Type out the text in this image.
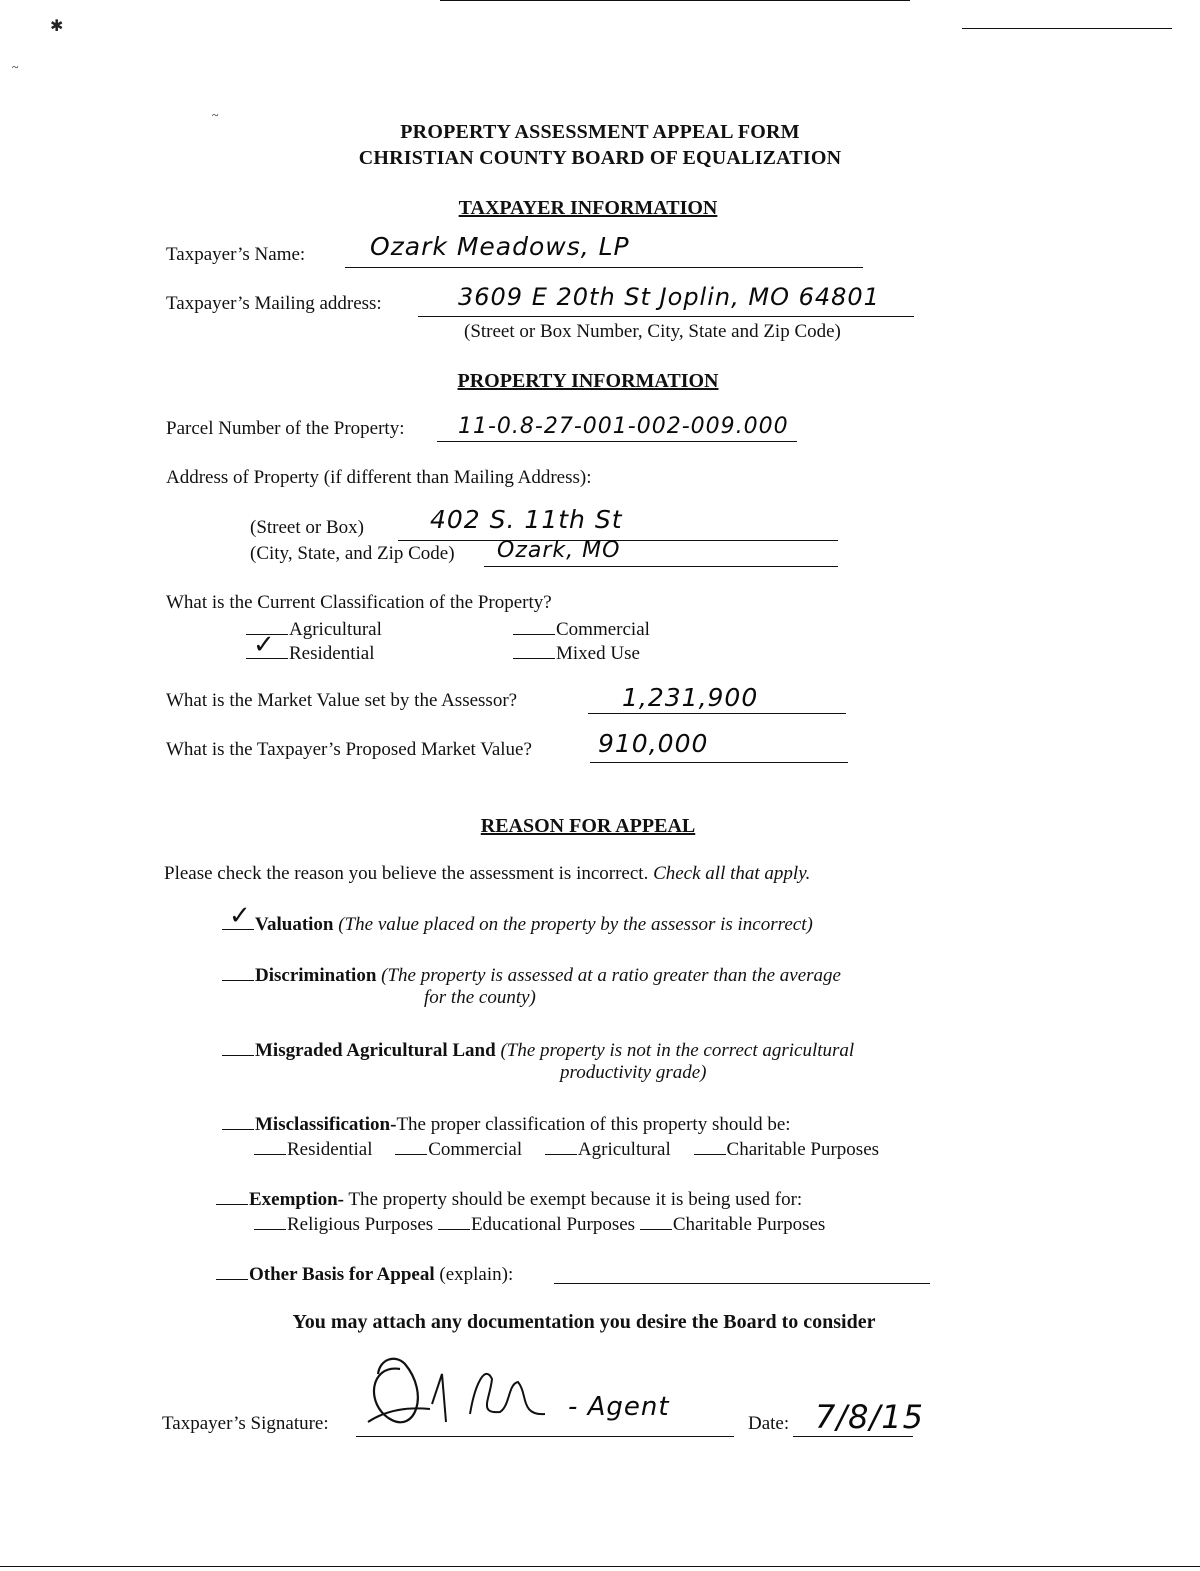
✱
~
~
PROPERTY ASSESSMENT APPEAL FORM
CHRISTIAN COUNTY BOARD OF EQUALIZATION
TAXPAYER INFORMATION
Taxpayer’s Name:	Ozark Meadows, LP
Taxpayer’s Mailing address:	3609 E 20th St Joplin, MO 64801
(Street or Box Number, City, State and Zip Code)
PROPERTY INFORMATION
Parcel Number of the Property: 11-0.8-27-001-002-009.000
Address of Property (if different than Mailing Address):
(Street or Box)	402 S. 11th St
(City, State, and Zip Code) Ozark, MO
What is the Current Classification of the Property?
Agricultural	Commercial
✓Residential	Mixed Use
What is the Market Value set by the Assessor?	1,231,900
What is the Taxpayer’s Proposed Market Value?	910,000
REASON FOR APPEAL
Please check the reason you believe the assessment is incorrect. Check all that apply.
✓Valuation (The value placed on the property by the assessor is incorrect)
Discrimination (The property is assessed at a ratio greater than the average
for the county)
Misgraded Agricultural Land (The property is not in the correct agricultural
productivity grade)
Misclassification-The proper classification of this property should be:
Residential	Commercial	Agricultural	Charitable Purposes
Exemption- The property should be exempt because it is being used for:
Religious Purposes Educational Purposes Charitable Purposes
Other Basis for Appeal (explain):
You may attach any documentation you desire the Board to consider
Taxpayer’s Signature:
- Agent
Date: 7/8/15
